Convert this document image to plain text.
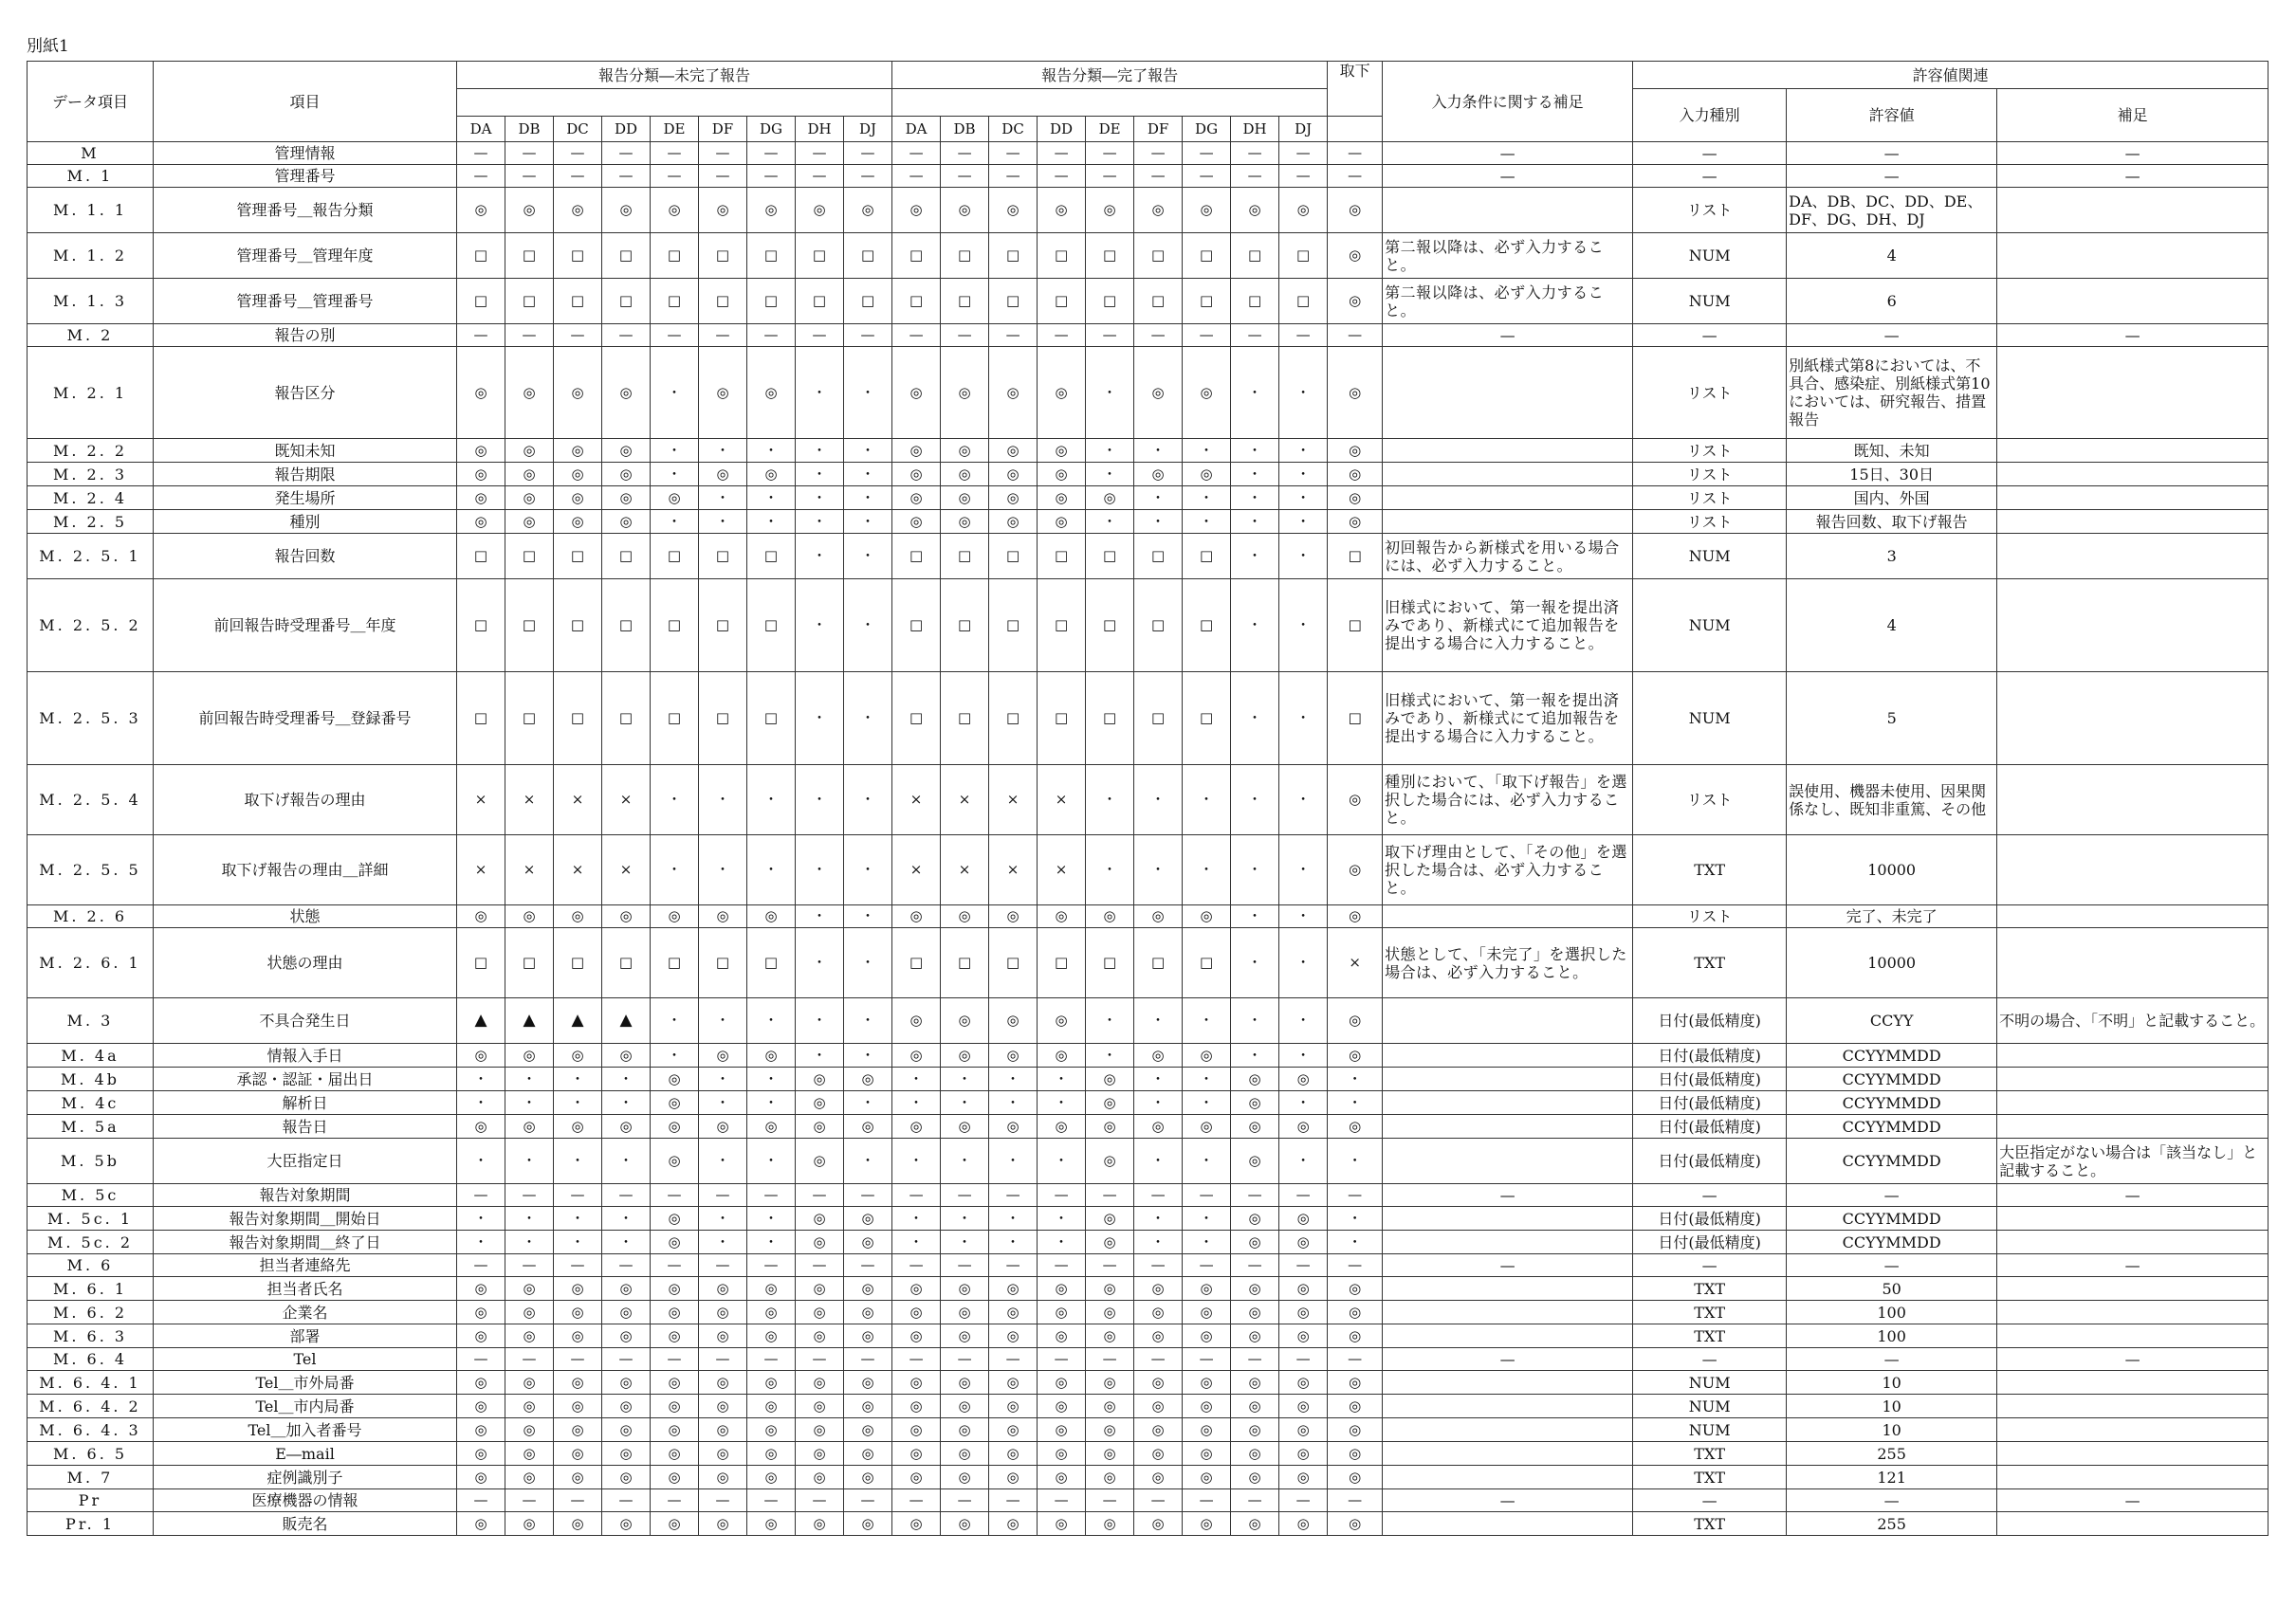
別紙1
データ項目	項目	報告分類―未完了報告									報告分類―完了報告									取下	入力条件に関する補足	許容値関連		
																						入力種別	許容値	補足
		DA	DB	DC	DD	DE	DF	DG	DH	DJ	DA	DB	DC	DD	DE	DF	DG	DH	DJ					
M	管理情報	—	—	—	—	—	—	—	—	—	—	—	—	—	—	—	—	—	—	—	—	—	—	—
M. 1	管理番号	—	—	—	—	—	—	—	—	—	—	—	—	—	—	—	—	—	—	—	—	—	—	—
M. 1. 1	管理番号＿報告分類	◎	◎	◎	◎	◎	◎	◎	◎	◎	◎	◎	◎	◎	◎	◎	◎	◎	◎	◎		リスト	DA、DB、DC、DD、DE、DF、DG、DH、DJ	
M. 1. 2	管理番号＿管理年度	□	□	□	□	□	□	□	□	□	□	□	□	□	□	□	□	□	□	◎	第二報以降は、必ず入力すること。	NUM	4	
M. 1. 3	管理番号＿管理番号	□	□	□	□	□	□	□	□	□	□	□	□	□	□	□	□	□	□	◎	第二報以降は、必ず入力すること。	NUM	6	
M. 2	報告の別	—	—	—	—	—	—	—	—	—	—	—	—	—	—	—	—	—	—	—	—	—	—	—
M. 2. 1	報告区分	◎	◎	◎	◎	・	◎	◎	・	・	◎	◎	◎	◎	・	◎	◎	・	・	◎		リスト	別紙様式第8においては、不具合、感染症、別紙様式第10においては、研究報告、措置報告	
M. 2. 2	既知未知	◎	◎	◎	◎	・	・	・	・	・	◎	◎	◎	◎	・	・	・	・	・	◎		リスト	既知、未知	
M. 2. 3	報告期限	◎	◎	◎	◎	・	◎	◎	・	・	◎	◎	◎	◎	・	◎	◎	・	・	◎		リスト	15日、30日	
M. 2. 4	発生場所	◎	◎	◎	◎	◎	・	・	・	・	◎	◎	◎	◎	◎	・	・	・	・	◎		リスト	国内、外国	
M. 2. 5	種別	◎	◎	◎	◎	・	・	・	・	・	◎	◎	◎	◎	・	・	・	・	・	◎		リスト	報告回数、取下げ報告	
M. 2. 5. 1	報告回数	□	□	□	□	□	□	□	・	・	□	□	□	□	□	□	□	・	・	□	初回報告から新様式を用いる場合には、必ず入力すること。	NUM	3	
M. 2. 5. 2	前回報告時受理番号＿年度	□	□	□	□	□	□	□	・	・	□	□	□	□	□	□	□	・	・	□	旧様式において、第一報を提出済みであり、新様式にて追加報告を提出する場合に入力すること。	NUM	4	
M. 2. 5. 3	前回報告時受理番号＿登録番号	□	□	□	□	□	□	□	・	・	□	□	□	□	□	□	□	・	・	□	旧様式において、第一報を提出済みであり、新様式にて追加報告を提出する場合に入力すること。	NUM	5	
M. 2. 5. 4	取下げ報告の理由	×	×	×	×	・	・	・	・	・	×	×	×	×	・	・	・	・	・	◎	種別において、「取下げ報告」を選択した場合には、必ず入力すること。	リスト	誤使用、機器未使用、因果関係なし、既知非重篤、その他	
M. 2. 5. 5	取下げ報告の理由＿詳細	×	×	×	×	・	・	・	・	・	×	×	×	×	・	・	・	・	・	◎	取下げ理由として、「その他」を選択した場合は、必ず入力すること。	TXT	10000	
M. 2. 6	状態	◎	◎	◎	◎	◎	◎	◎	・	・	◎	◎	◎	◎	◎	◎	◎	・	・	◎		リスト	完了、未完了	
M. 2. 6. 1	状態の理由	□	□	□	□	□	□	□	・	・	□	□	□	□	□	□	□	・	・	×	状態として、「未完了」を選択した場合は、必ず入力すること。	TXT	10000	
M. 3	不具合発生日	▲	▲	▲	▲	・	・	・	・	・	◎	◎	◎	◎	・	・	・	・	・	◎		日付(最低精度)	CCYY	不明の場合、「不明」と記載すること。
M. 4a	情報入手日	◎	◎	◎	◎	・	◎	◎	・	・	◎	◎	◎	◎	・	◎	◎	・	・	◎		日付(最低精度)	CCYYMMDD	
M. 4b	承認・認証・届出日	・	・	・	・	◎	・	・	◎	◎	・	・	・	・	◎	・	・	◎	◎	・		日付(最低精度)	CCYYMMDD	
M. 4c	解析日	・	・	・	・	◎	・	・	◎	・	・	・	・	・	◎	・	・	◎	・	・		日付(最低精度)	CCYYMMDD	
M. 5a	報告日	◎	◎	◎	◎	◎	◎	◎	◎	◎	◎	◎	◎	◎	◎	◎	◎	◎	◎	◎		日付(最低精度)	CCYYMMDD	
M. 5b	大臣指定日	・	・	・	・	◎	・	・	◎	・	・	・	・	・	◎	・	・	◎	・	・		日付(最低精度)	CCYYMMDD	大臣指定がない場合は「該当なし」と記載すること。
M. 5c	報告対象期間	—	—	—	—	—	—	—	—	—	—	—	—	—	—	—	—	—	—	—	—	—	—	—
M. 5c. 1	報告対象期間＿開始日	・	・	・	・	◎	・	・	◎	◎	・	・	・	・	◎	・	・	◎	◎	・		日付(最低精度)	CCYYMMDD	
M. 5c. 2	報告対象期間＿終了日	・	・	・	・	◎	・	・	◎	◎	・	・	・	・	◎	・	・	◎	◎	・		日付(最低精度)	CCYYMMDD	
M. 6	担当者連絡先	—	—	—	—	—	—	—	—	—	—	—	—	—	—	—	—	—	—	—	—	—	—	—
M. 6. 1	担当者氏名	◎	◎	◎	◎	◎	◎	◎	◎	◎	◎	◎	◎	◎	◎	◎	◎	◎	◎	◎		TXT	50	
M. 6. 2	企業名	◎	◎	◎	◎	◎	◎	◎	◎	◎	◎	◎	◎	◎	◎	◎	◎	◎	◎	◎		TXT	100	
M. 6. 3	部署	◎	◎	◎	◎	◎	◎	◎	◎	◎	◎	◎	◎	◎	◎	◎	◎	◎	◎	◎		TXT	100	
M. 6. 4	Tel	—	—	—	—	—	—	—	—	—	—	—	—	—	—	—	—	—	—	—	—	—	—	—
M. 6. 4. 1	Tel＿市外局番	◎	◎	◎	◎	◎	◎	◎	◎	◎	◎	◎	◎	◎	◎	◎	◎	◎	◎	◎		NUM	10	
M. 6. 4. 2	Tel＿市内局番	◎	◎	◎	◎	◎	◎	◎	◎	◎	◎	◎	◎	◎	◎	◎	◎	◎	◎	◎		NUM	10	
M. 6. 4. 3	Tel＿加入者番号	◎	◎	◎	◎	◎	◎	◎	◎	◎	◎	◎	◎	◎	◎	◎	◎	◎	◎	◎		NUM	10	
M. 6. 5	E―mail	◎	◎	◎	◎	◎	◎	◎	◎	◎	◎	◎	◎	◎	◎	◎	◎	◎	◎	◎		TXT	255	
M. 7	症例識別子	◎	◎	◎	◎	◎	◎	◎	◎	◎	◎	◎	◎	◎	◎	◎	◎	◎	◎	◎		TXT	121	
Pr	医療機器の情報	—	—	—	—	—	—	—	—	—	—	—	—	—	—	—	—	—	—	—	—	—	—	—
Pr. 1	販売名	◎	◎	◎	◎	◎	◎	◎	◎	◎	◎	◎	◎	◎	◎	◎	◎	◎	◎	◎		TXT	255	
